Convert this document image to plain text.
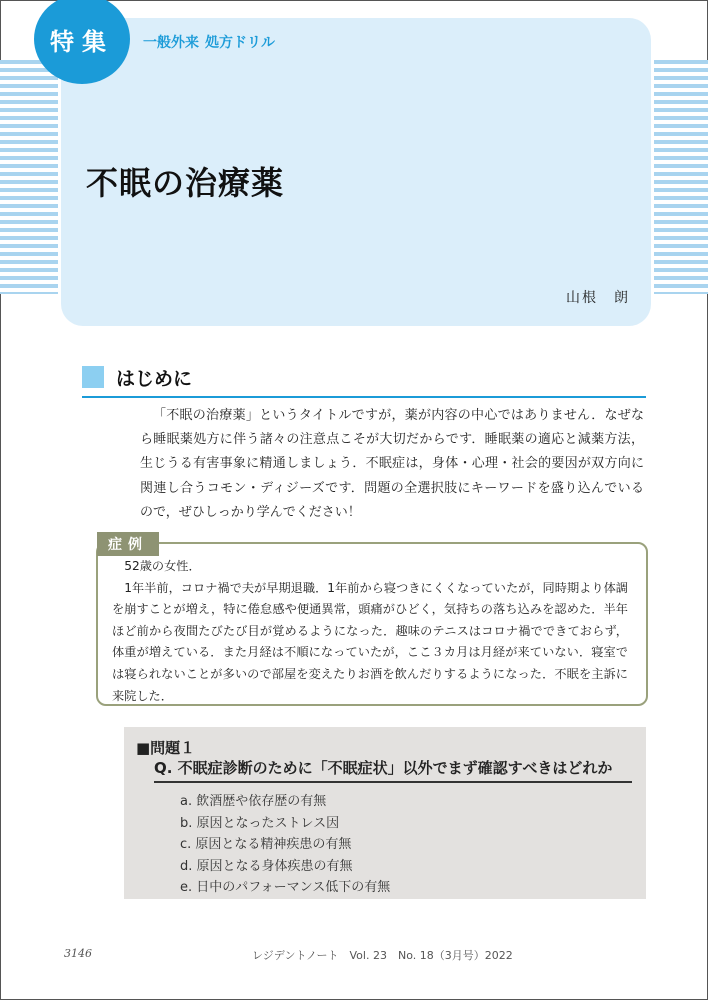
特集	一般外来 処方ドリル
不眠の治療薬
山根　朗
はじめに

「不眠の治療薬」というタイトルですが，薬が内容の中心ではありません．なぜなら睡眠薬処方に伴う諸々の注意点こそが大切だからです．睡眠薬の適応と減薬方法，生じうる有害事象に精通しましょう．不眠症は，身体・心理・社会的要因が双方向に関連し合うコモン・ディジーズです．問題の全選択肢にキーワードを盛り込んでいるので，ぜひしっかり学んでください！

症例

52歳の女性．

1年半前，コロナ禍で夫が早期退職．1年前から寝つきにくくなっていたが，同時期より体調を崩すことが増え，特に倦怠感や便通異常，頭痛がひどく，気持ちの落ち込みを認めた．半年ほど前から夜間たびたび目が覚めるようになった．趣味のテニスはコロナ禍でできておらず，体重が増えている．また月経は不順になっていたが，ここ３カ月は月経が来ていない．寝室では寝られないことが多いので部屋を変えたりお酒を飲んだりするようになった．不眠を主訴に来院した．

■問題１
Q. 不眠症診断のために「不眠症状」以外でまず確認すべきはどれか
a. 飲酒歴や依存歴の有無
b. 原因となったストレス因
c. 原因となる精神疾患の有無
d. 原因となる身体疾患の有無
e. 日中のパフォーマンス低下の有無
3146	レジデントノート　Vol. 23　No. 18（3月号）2022
